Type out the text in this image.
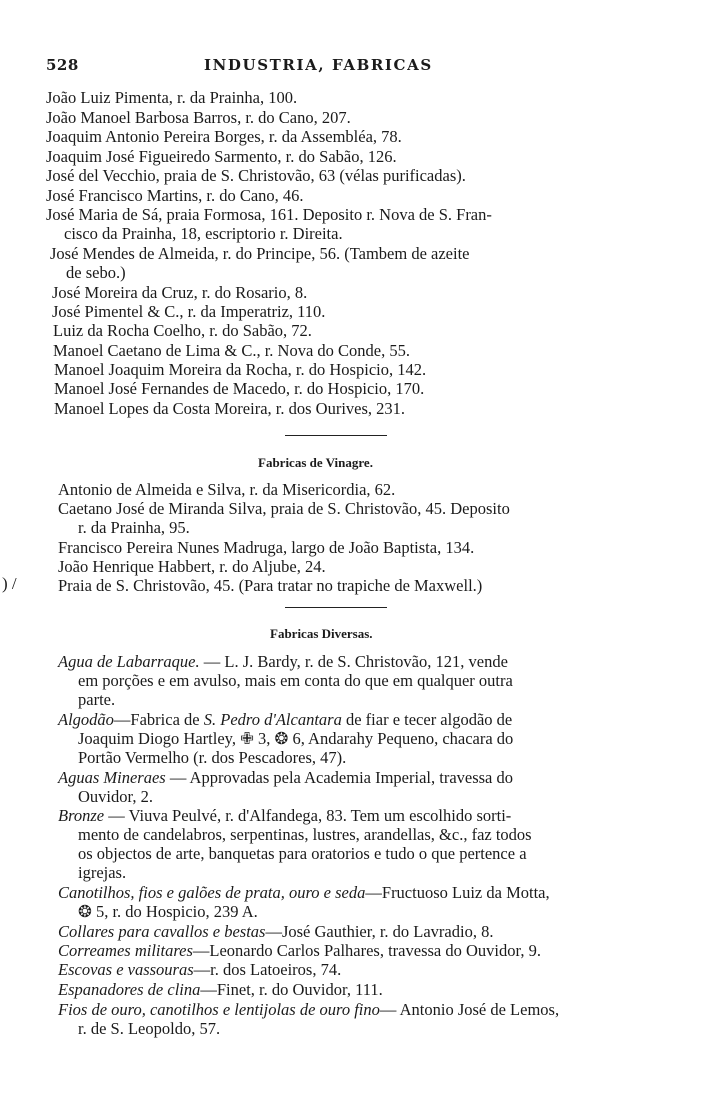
528	INDUSTRIA, FABRICAS
João Luiz Pimenta, r. da Prainha, 100.
João Manoel Barbosa Barros, r. do Cano, 207.
Joaquim Antonio Pereira Borges, r. da Assembléa, 78.
Joaquim José Figueiredo Sarmento, r. do Sabão, 126.
José del Vecchio, praia de S. Christovão, 63 (vélas purificadas).
José Francisco Martins, r. do Cano, 46.
José Maria de Sá, praia Formosa, 161. Deposito r. Nova de S. Fran-
cisco da Prainha, 18, escriptorio r. Direita.
José Mendes de Almeida, r. do Principe, 56. (Tambem de azeite
de sebo.)
José Moreira da Cruz, r. do Rosario, 8.
José Pimentel & C., r. da Imperatriz, 110.
Luiz da Rocha Coelho, r. do Sabão, 72.
Manoel Caetano de Lima & C., r. Nova do Conde, 55.
Manoel Joaquim Moreira da Rocha, r. do Hospicio, 142.
Manoel José Fernandes de Macedo, r. do Hospicio, 170.
Manoel Lopes da Costa Moreira, r. dos Ourives, 231.
Fabricas de Vinagre.
Antonio de Almeida e Silva, r. da Misericordia, 62.
Caetano José de Miranda Silva, praia de S. Christovão, 45. Deposito
r. da Prainha, 95.
Francisco Pereira Nunes Madruga, largo de João Baptista, 134.
João Henrique Habbert, r. do Aljube, 24.
) /	Praia de S. Christovão, 45. (Para tratar no trapiche de Maxwell.)
Fabricas Diversas.
Agua de Labarraque. — L. J. Bardy, r. de S. Christovão, 121, vende
em porções e em avulso, mais em conta do que em qualquer outra
parte.
Algodão—Fabrica de S. Pedro d'Alcantara de fiar e tecer algodão de
Joaquim Diogo Hartley, ✙ 3, ❂ 6, Andarahy Pequeno, chacara do
Portão Vermelho (r. dos Pescadores, 47).
Aguas Mineraes — Approvadas pela Academia Imperial, travessa do
Ouvidor, 2.
Bronze — Viuva Peulvé, r. d'Alfandega, 83. Tem um escolhido sorti-
mento de candelabros, serpentinas, lustres, arandellas, &c., faz todos
os objectos de arte, banquetas para oratorios e tudo o que pertence a
igrejas.
Canotilhos, fios e galões de prata, ouro e seda—Fructuoso Luiz da Motta,
❂ 5, r. do Hospicio, 239 A.
Collares para cavallos e bestas—José Gauthier, r. do Lavradio, 8.
Correames militares—Leonardo Carlos Palhares, travessa do Ouvidor, 9.
Escovas e vassouras—r. dos Latoeiros, 74.
Espanadores de clina—Finet, r. do Ouvidor, 111.
Fios de ouro, canotilhos e lentijolas de ouro fino— Antonio José de Lemos,
r. de S. Leopoldo, 57.
